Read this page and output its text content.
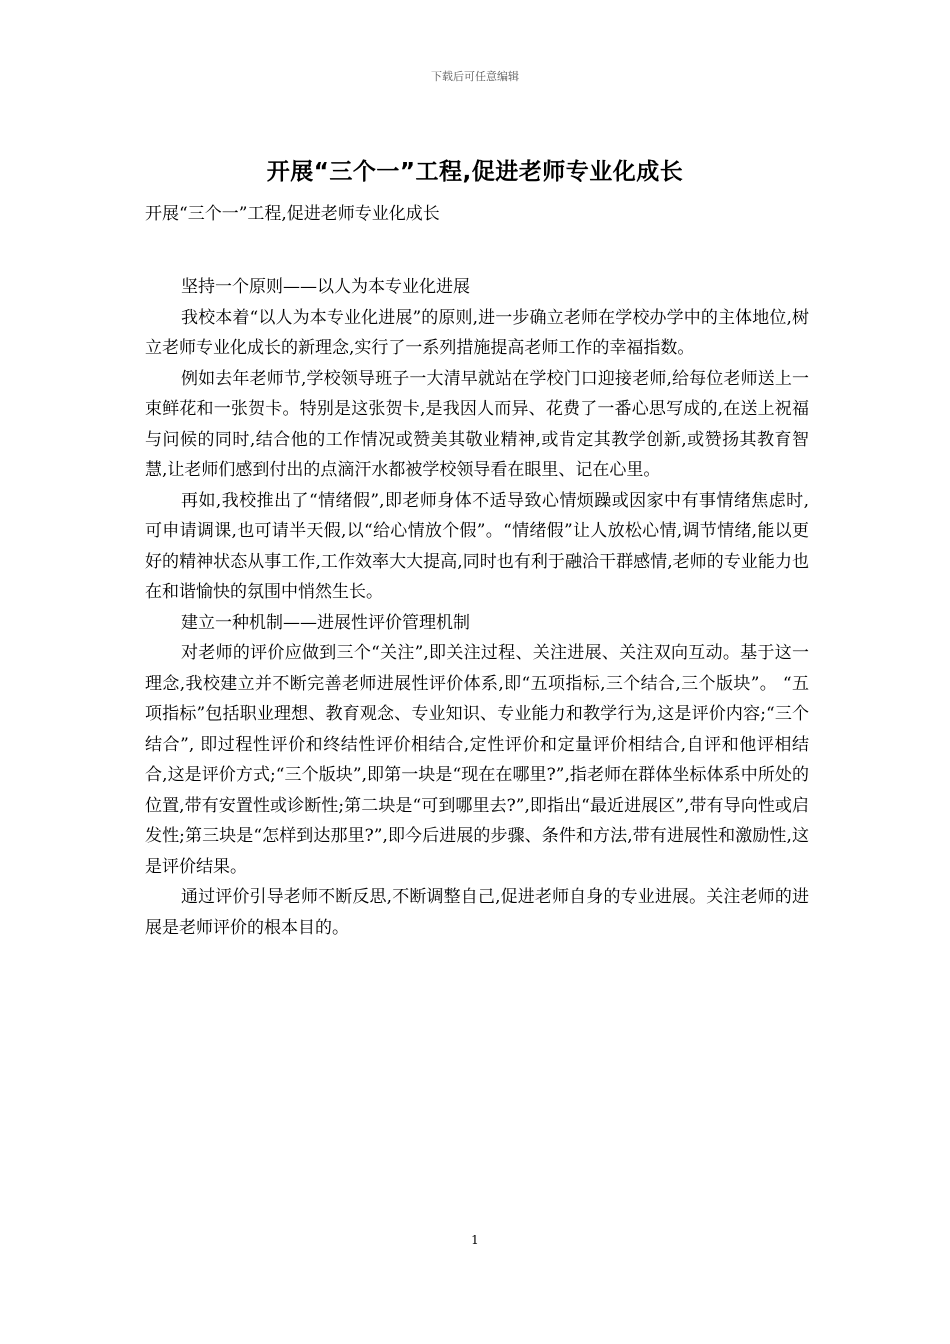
下载后可任意编辑
开展“三个一”工程,促进老师专业化成长
开展“三个一”工程,促进老师专业化成长

坚持一个原则——以人为本专业化进展

我校本着“以人为本专业化进展”的原则,进一步确立老师在学校办学中的主体地位,树立老师专业化成长的新理念,实行了一系列措施提高老师工作的幸福指数。

例如去年老师节,学校领导班子一大清早就站在学校门口迎接老师,给每位老师送上一束鲜花和一张贺卡。特别是这张贺卡,是我因人而异、花费了一番心思写成的,在送上祝福与问候的同时,结合他的工作情况或赞美其敬业精神,或肯定其教学创新,或赞扬其教育智慧,让老师们感到付出的点滴汗水都被学校领导看在眼里、记在心里。

再如,我校推出了“情绪假”,即老师身体不适导致心情烦躁或因家中有事情绪焦虑时,可申请调课,也可请半天假,以“给心情放个假”。“情绪假”让人放松心情,调节情绪,能以更好的精神状态从事工作,工作效率大大提高,同时也有利于融洽干群感情,老师的专业能力也在和谐愉快的氛围中悄然生长。

建立一种机制——进展性评价管理机制

对老师的评价应做到三个“关注”,即关注过程、关注进展、关注双向互动。基于这一理念,我校建立并不断完善老师进展性评价体系,即“五项指标,三个结合,三个版块”。 “五项指标”包括职业理想、教育观念、专业知识、专业能力和教学行为,这是评价内容;“三个结合”, 即过程性评价和终结性评价相结合,定性评价和定量评价相结合,自评和他评相结合,这是评价方式;“三个版块”,即第一块是“现在在哪里?”,指老师在群体坐标体系中所处的位置,带有安置性或诊断性;第二块是“可到哪里去?”,即指出“最近进展区”,带有导向性或启发性;第三块是“怎样到达那里?”,即今后进展的步骤、条件和方法,带有进展性和激励性,这是评价结果。

通过评价引导老师不断反思,不断调整自己,促进老师自身的专业进展。关注老师的进展是老师评价的根本目的。

1
